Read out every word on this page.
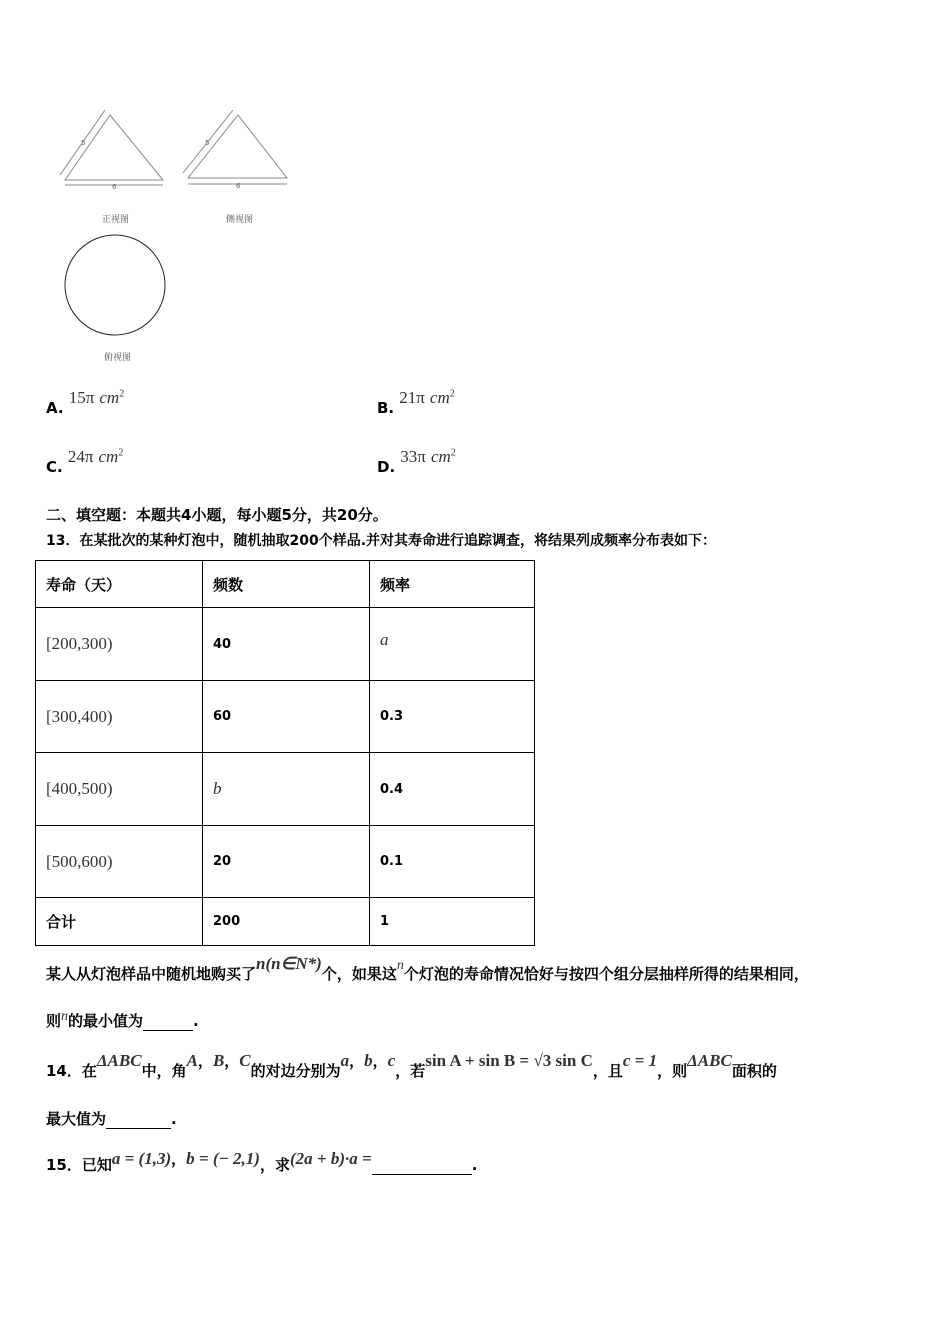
5
6
5
6
正视图	侧视图
俯视图
A. 15π $cm^2$
B. 21π $cm^2$
C. 24π $cm^2$
D. 33π $cm^2$
二、填空题：本题共4小题，每小题5分，共20分。
13．在某批次的某种灯泡中，随机抽取200个样品.并对其寿命进行追踪调查，将结果列成频率分布表如下：
寿命（天）	频数	频率
[200,300)	40	a
[300,400)	60	0.3
[400,500)	b	0.4
[500,600)	20	0.1
合计	200	1
某人从灯泡样品中随机地购买了n(n∈N*)个，如果这n个灯泡的寿命情况恰好与按四个组分层抽样所得的结果相同，
则n的最小值为	.
14．在ΔABC中，角A，B，C的对边分别为a，b，c，若sin A + sin B = √3 sin C，且c = 1，则ΔABC面积的
最大值为	.
15．已知a = (1,3)，b = (− 2,1)，求(2a + b)·a =	.
